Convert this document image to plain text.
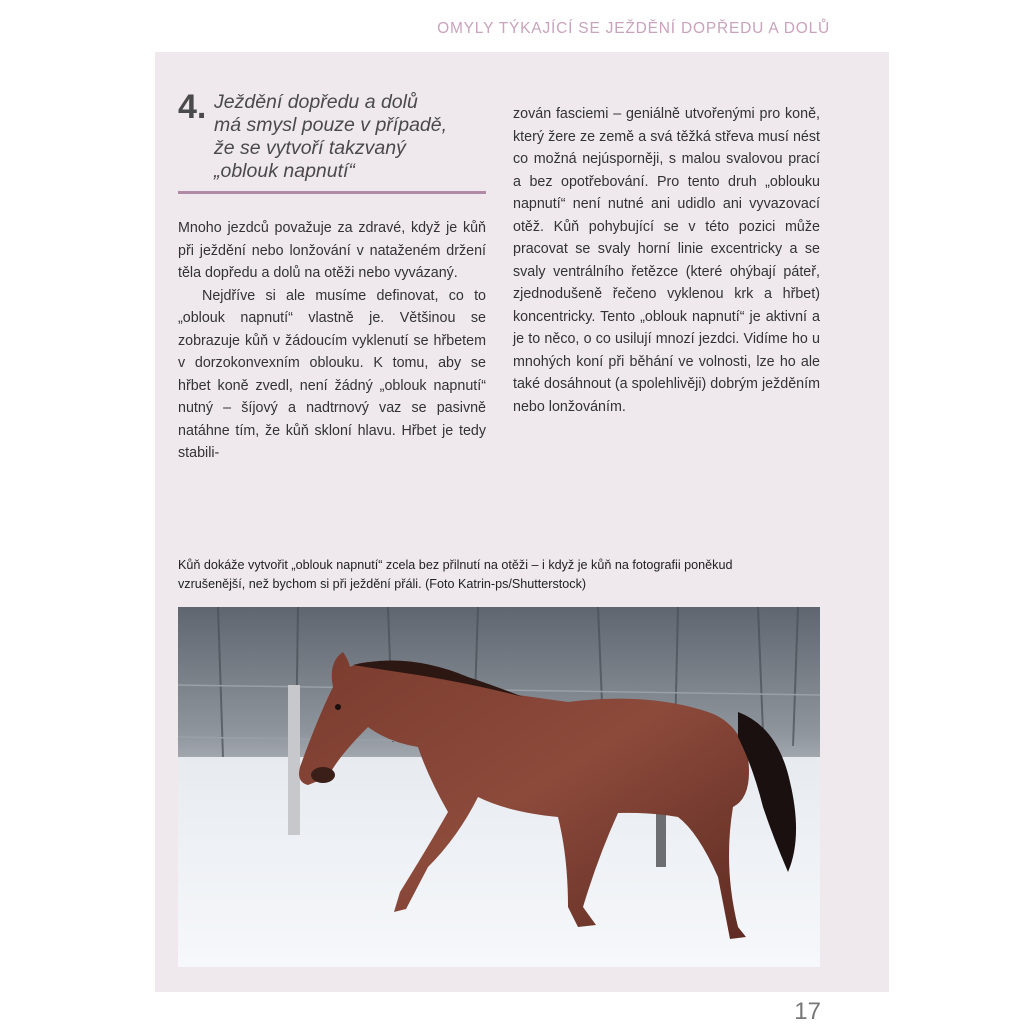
OMYLY TÝKAJÍCÍ SE JEŽDĚNÍ DOPŘEDU A DOLŮ
4. Ježdění dopředu a dolů
má smysl pouze v případě,
že se vytvoří takzvaný
„oblouk napnutí“

Mnoho jezdců považuje za zdravé, když je kůň při ježdění nebo lonžování v nataženém držení těla dopředu a dolů na otěži nebo vyvázaný.

Nejdříve si ale musíme definovat, co to „oblouk napnutí“ vlastně je. Většinou se zobrazuje kůň v žádoucím vyklenutí se hřbetem v dorzokonvexním oblouku. K tomu, aby se hřbet koně zvedl, není žádný „oblouk napnutí“ nutný – šíjový a nadtrnový vaz se pasivně natáhne tím, že kůň skloní hlavu. Hřbet je tedy stabili-

zován fasciemi – geniálně utvořenými pro koně, který žere ze země a svá těžká střeva musí nést co možná nejúsporněji, s malou svalovou prací a bez opotřebování. Pro tento druh „oblouku napnutí“ není nutné ani udidlo ani vyvazovací otěž. Kůň pohybující se v této pozici může pracovat se svaly horní linie excentricky a se svaly ventrálního řetězce (které ohýbají páteř, zjednodušeně řečeno vyklenou krk a hřbet) koncentricky. Tento „oblouk napnutí“ je aktivní a je to něco, o co usilují mnozí jezdci. Vidíme ho u mnohých koní při běhání ve volnosti, lze ho ale také dosáhnout (a spolehlivěji) dobrým ježděním nebo lonžováním.

Kůň dokáže vytvořit „oblouk napnutí“ zcela bez přilnutí na otěži – i když je kůň na fotografii poněkud vzrušenější, než bychom si při ježdění přáli. (Foto Katrin-ps/Shutterstock)
17
